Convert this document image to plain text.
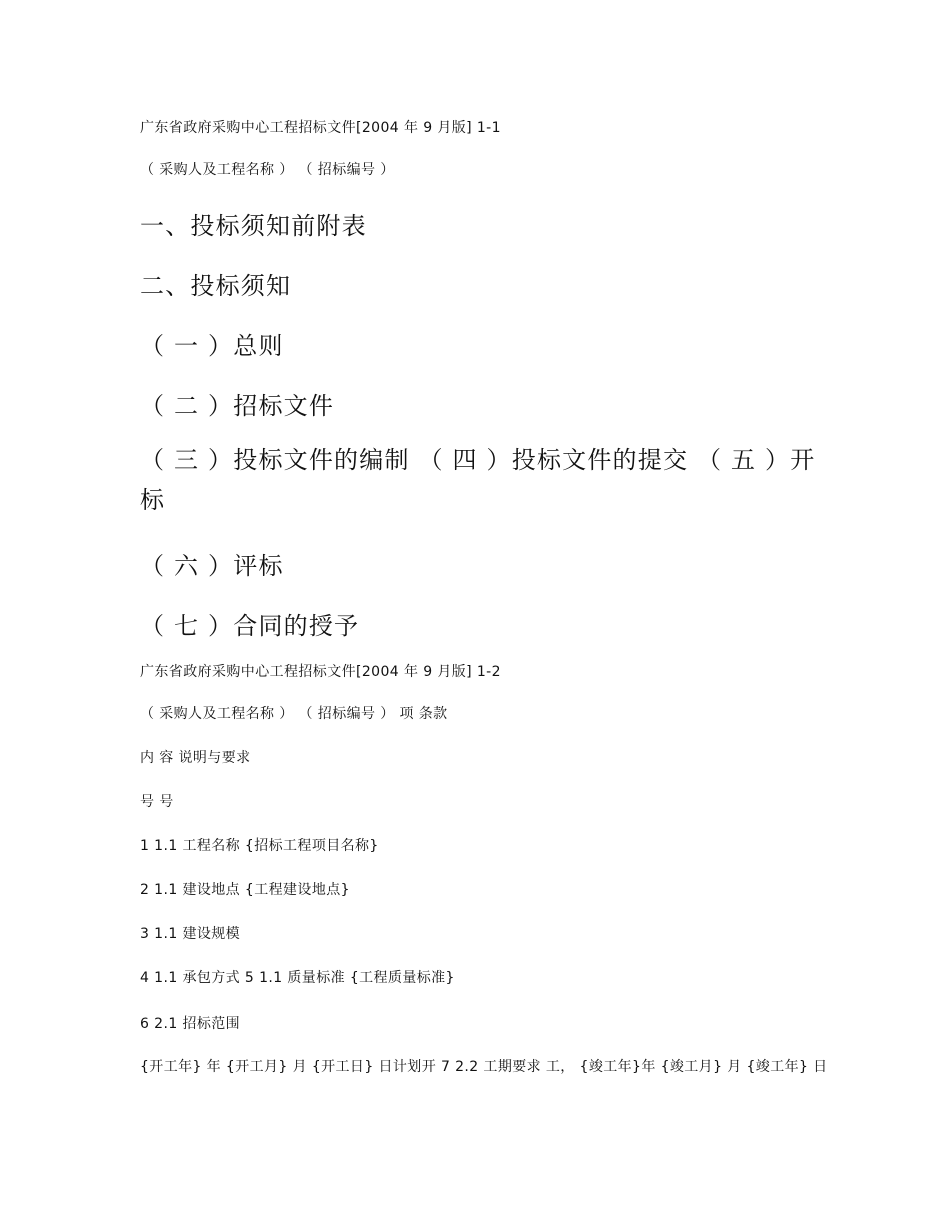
广东省政府采购中心工程招标文件[2004 年 9 月版] 1-1
（ 采购人及工程名称 ） （ 招标编号 ）
一、投标须知前附表
二、投标须知
（ 一 ）总则
（ 二 ）招标文件
（ 三 ）投标文件的编制 （ 四 ）投标文件的提交 （ 五 ）开标
（ 六 ）评标
（ 七 ）合同的授予
广东省政府采购中心工程招标文件[2004 年 9 月版] 1-2
（ 采购人及工程名称 ） （ 招标编号 ） 项 条款
内 容 说明与要求
号 号
1 1.1 工程名称 {招标工程项目名称}
2 1.1 建设地点 {工程建设地点}
3 1.1 建设规模
4 1.1 承包方式 5 1.1 质量标准 {工程质量标准}
6 2.1 招标范围
{开工年} 年 {开工月} 月 {开工日} 日计划开 7 2.2 工期要求 工， {竣工年}年 {竣工月} 月 {竣工年} 日
